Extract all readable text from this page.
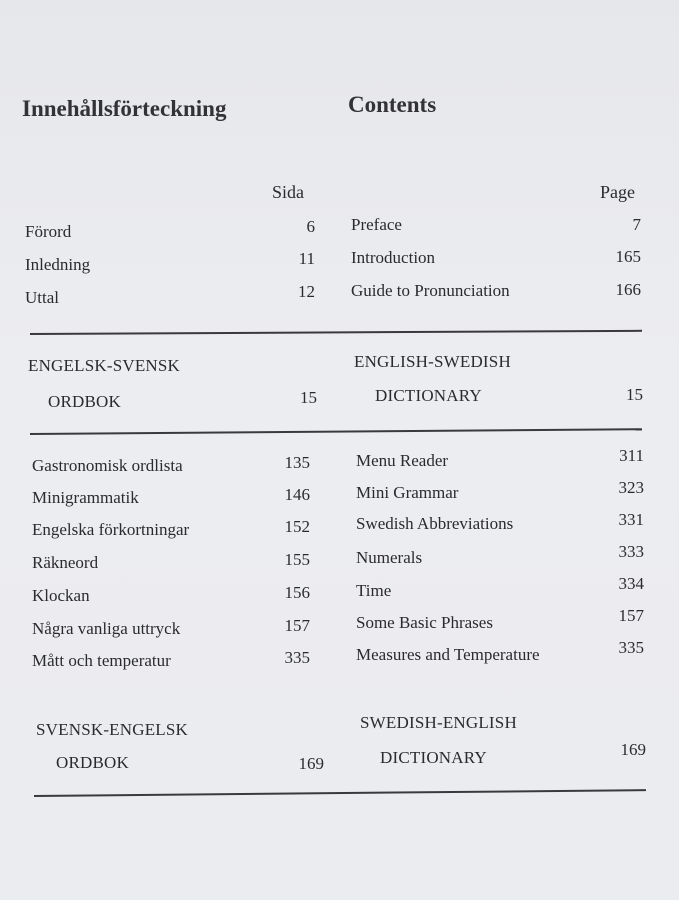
Innehållsförteckning	Contents
Sida	Page
Förord	6 Preface	7
Inledning	11 Introduction	165
Uttal	12 Guide to Pronunciation	166
ENGELSK-SVENSK
ORDBOK	15
ENGLISH-SWEDISH
DICTIONARY	15
Gastronomisk ordlista	135	Menu Reader	311
Minigrammatik	146	Mini Grammar	323
Engelska förkortningar	152	Swedish Abbreviations	331
Räkneord	155	Numerals	333
Klockan	156	Time	334
Några vanliga uttryck	157	Some Basic Phrases	157
Mått och temperatur	335	Measures and Temperature	335
SVENSK-ENGELSK
ORDBOK	169
SWEDISH-ENGLISH
DICTIONARY	169
